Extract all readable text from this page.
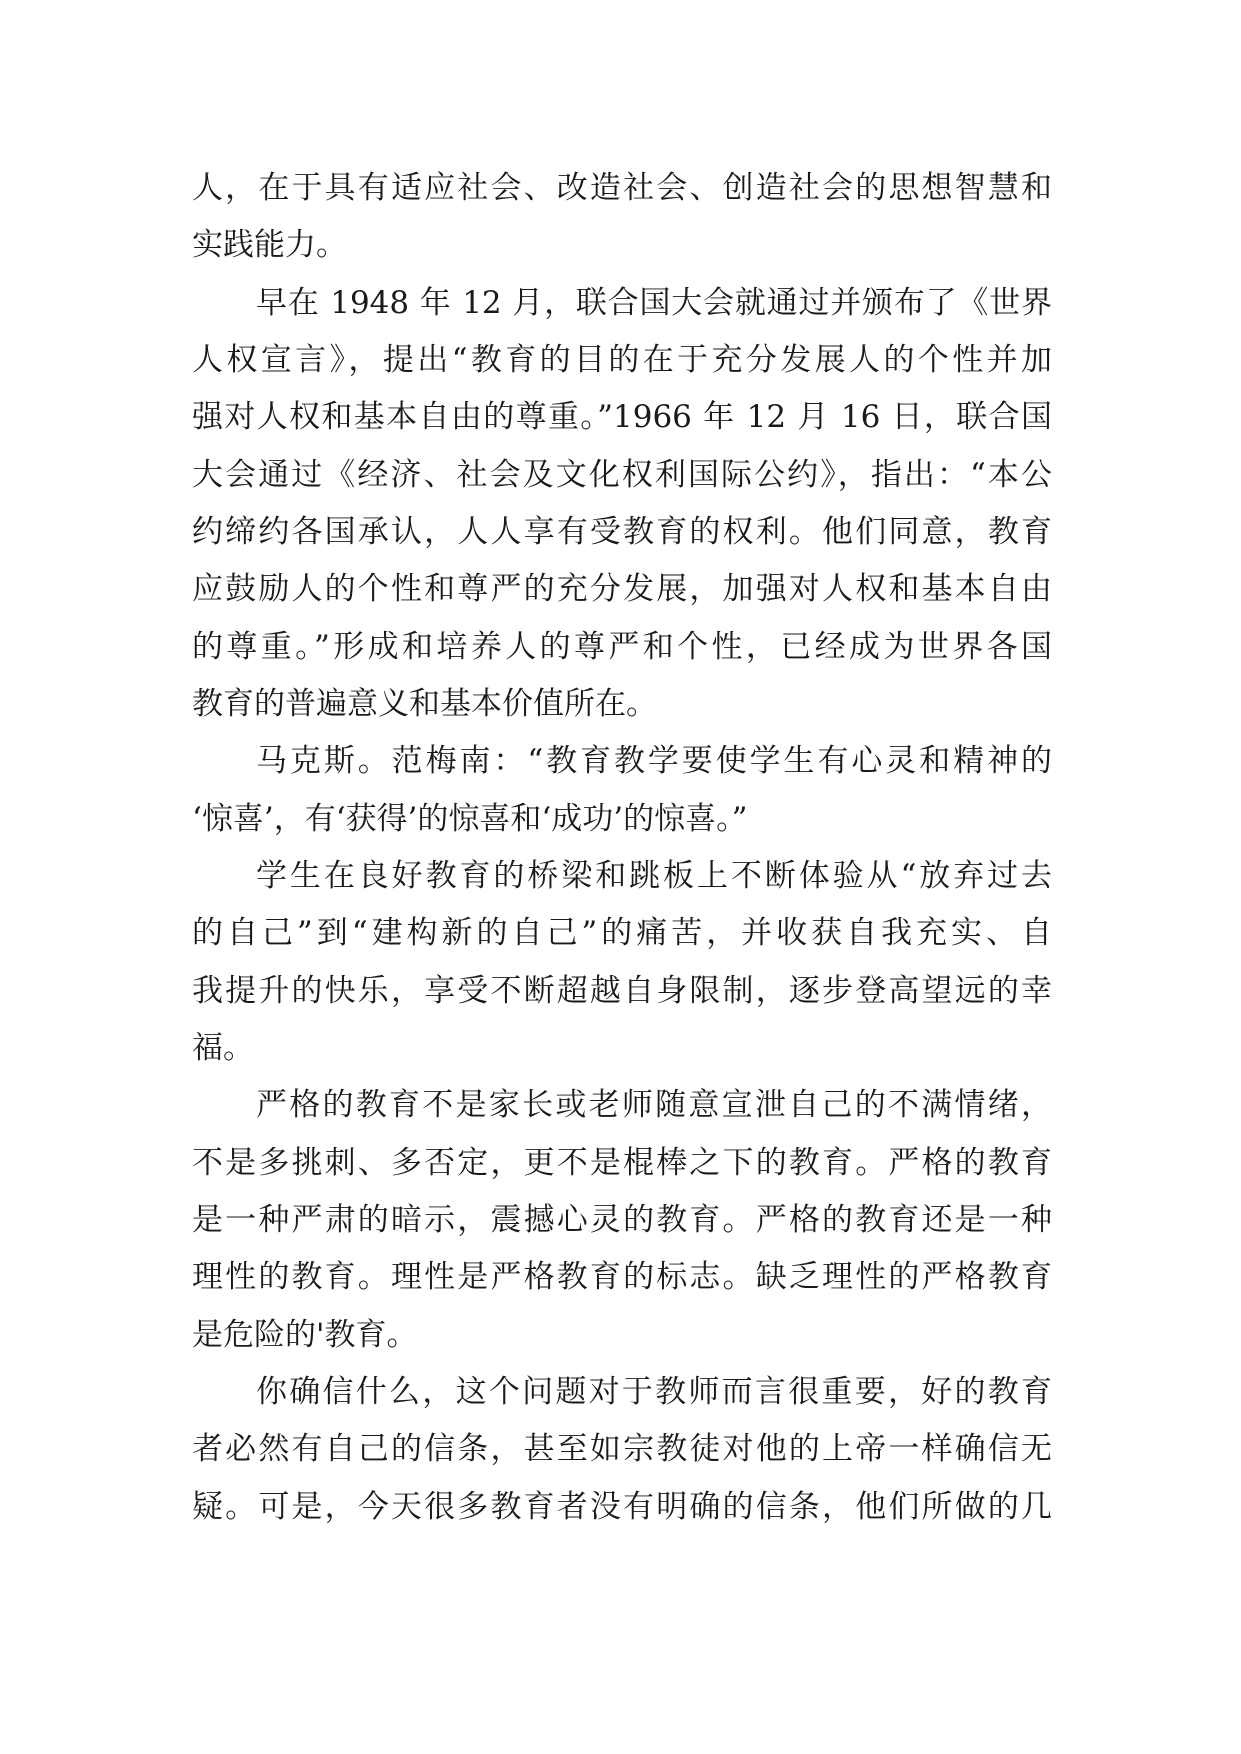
人，在于具有适应社会、改造社会、创造社会的思想智慧和
实践能力。
早在 1948 年 12 月，联合国大会就通过并颁布了《世界
人权宣言》，提出“教育的目的在于充分发展人的个性并加
强对人权和基本自由的尊重。”1966 年 12 月 16 日，联合国
大会通过《经济、社会及文化权利国际公约》，指出：“本公
约缔约各国承认，人人享有受教育的权利。他们同意，教育
应鼓励人的个性和尊严的充分发展，加强对人权和基本自由
的尊重。”形成和培养人的尊严和个性，已经成为世界各国
教育的普遍意义和基本价值所在。
马克斯。范梅南：“教育教学要使学生有心灵和精神的
‘惊喜’，有‘获得’的惊喜和‘成功’的惊喜。”
学生在良好教育的桥梁和跳板上不断体验从“放弃过去
的自己”到“建构新的自己”的痛苦，并收获自我充实、自
我提升的快乐，享受不断超越自身限制，逐步登高望远的幸
福。
严格的教育不是家长或老师随意宣泄自己的不满情绪，
不是多挑刺、多否定，更不是棍棒之下的教育。严格的教育
是一种严肃的暗示，震撼心灵的教育。严格的教育还是一种
理性的教育。理性是严格教育的标志。缺乏理性的严格教育
是危险的'教育。
你确信什么，这个问题对于教师而言很重要，好的教育
者必然有自己的信条，甚至如宗教徒对他的上帝一样确信无
疑。可是，今天很多教育者没有明确的信条，他们所做的几
